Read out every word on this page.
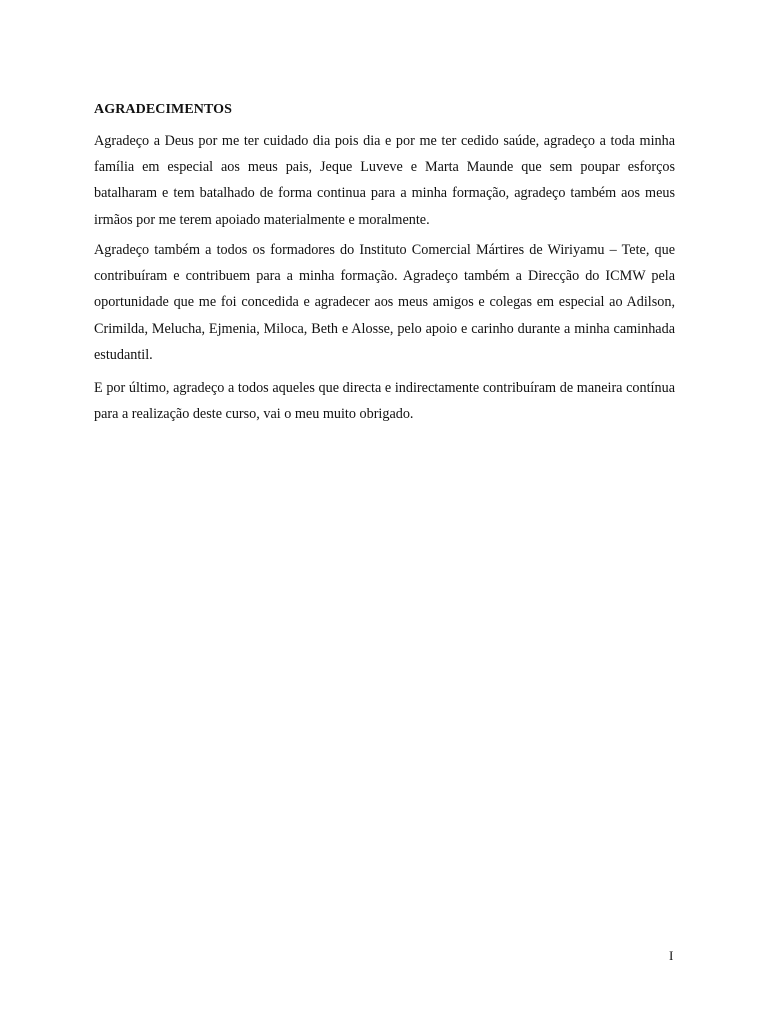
AGRADECIMENTOS

Agradeço a Deus por me ter cuidado dia pois dia e por me ter cedido saúde, agradeço a toda minha família em especial aos meus pais, Jeque Luveve e Marta Maunde que sem poupar esforços batalharam e tem batalhado de forma continua para a minha formação, agradeço também aos meus irmãos por me terem apoiado materialmente e moralmente.

Agradeço também a todos os formadores do Instituto Comercial Mártires de Wiriyamu – Tete, que contribuíram e contribuem para a minha formação. Agradeço também a Direcção do ICMW pela oportunidade que me foi concedida e agradecer aos meus amigos e colegas em especial ao Adilson, Crimilda, Melucha, Ejmenia, Miloca, Beth e Alosse, pelo apoio e carinho durante a minha caminhada estudantil.

E por último, agradeço a todos aqueles que directa e indirectamente contribuíram de maneira contínua para a realização deste curso, vai o meu muito obrigado.

I
